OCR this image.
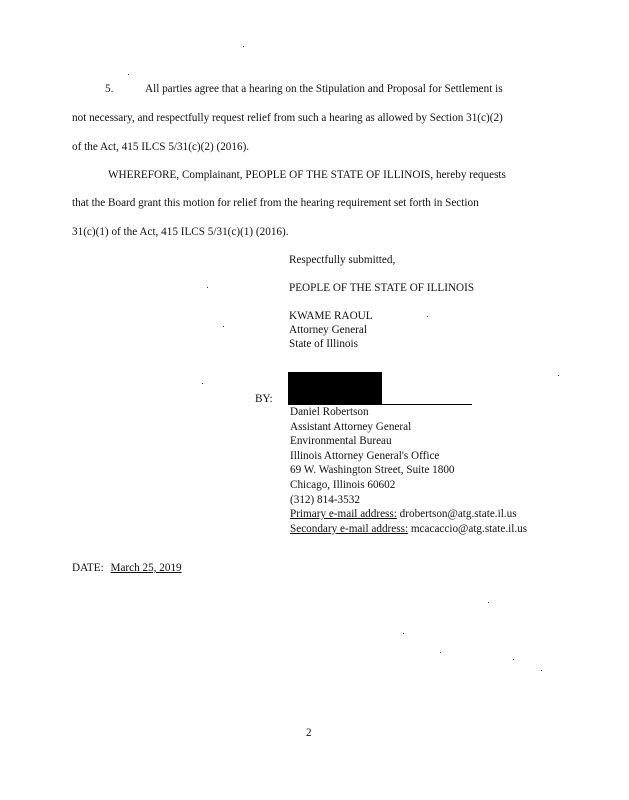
5.	All parties agree that a hearing on the Stipulation and Proposal for Settlement is
not necessary, and respectfully request relief from such a hearing as allowed by Section 31(c)(2)
of the Act, 415 ILCS 5/31(c)(2) (2016).
WHEREFORE, Complainant, PEOPLE OF THE STATE OF ILLINOIS, hereby requests
that the Board grant this motion for relief from the hearing requirement set forth in Section
31(c)(1) of the Act, 415 ILCS 5/31(c)(1) (2016).
Respectfully submitted,
PEOPLE OF THE STATE OF ILLINOIS
KWAME RAOUL
Attorney General
State of Illinois
BY:
Daniel Robertson
Assistant Attorney General
Environmental Bureau
Illinois Attorney General's Office
69 W. Washington Street, Suite 1800
Chicago, Illinois 60602
(312) 814-3532
Primary e-mail address: drobertson@atg.state.il.us
Secondary e-mail address: mcacaccio@atg.state.il.us
DATE: March 25, 2019
2
